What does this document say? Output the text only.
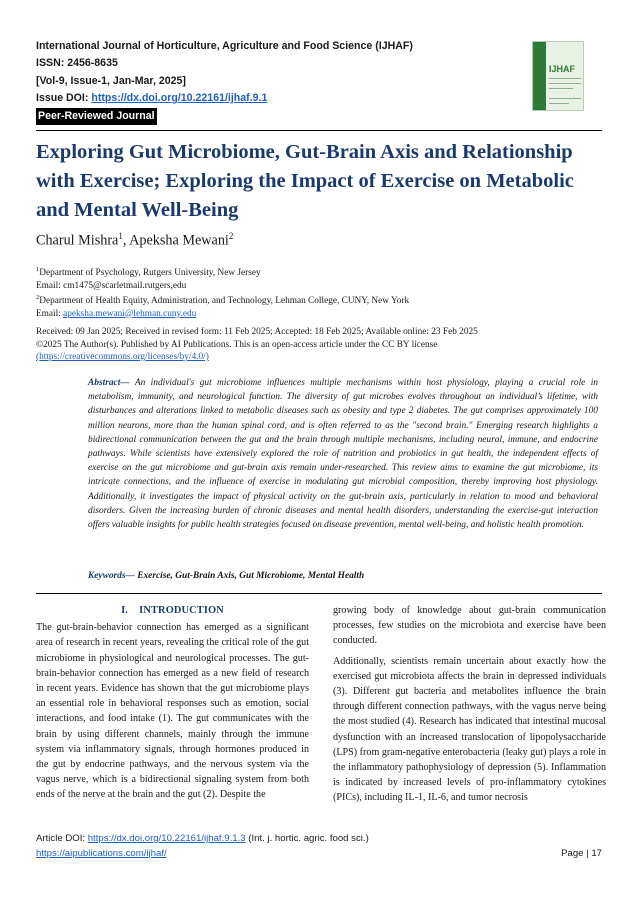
International Journal of Horticulture, Agriculture and Food Science (IJHAF)
ISSN: 2456-8635
[Vol-9, Issue-1, Jan-Mar, 2025]
Issue DOI: https://dx.doi.org/10.22161/ijhaf.9.1
Peer-Reviewed Journal
IJHAF
Exploring Gut Microbiome, Gut-Brain Axis and Relationship with Exercise; Exploring the Impact of Exercise on Metabolic and Mental Well-Being
Charul Mishra$^1$, Apeksha Mewani$^2$
$^1$Department of Psychology, Rutgers University, New Jersey
Email: cm1475@scarletmail.rutgers,edu
$^2$Department of Health Equity, Administration, and Technology, Lehman College, CUNY, New York
Email: apeksha.mewani@lehman.cuny.edu
Received: 09 Jan 2025; Received in revised form: 11 Feb 2025; Accepted: 18 Feb 2025; Available online: 23 Feb 2025
©2025 The Author(s). Published by AI Publications. This is an open-access article under the CC BY license
(https://creativecommons.org/licenses/by/4.0/)
Abstract— An individual's gut microbiome influences multiple mechanisms within host physiology, playing a crucial role in metabolism, immunity, and neurological function. The diversity of gut microbes evolves throughout an individual’s lifetime, with disturbances and alterations linked to metabolic diseases such as obesity and type 2 diabetes. The gut comprises approximately 100 million neurons, more than the human spinal cord, and is often referred to as the "second brain." Emerging research highlights a bidirectional communication between the gut and the brain through multiple mechanisms, including neural, immune, and endocrine pathways. While scientists have extensively explored the role of nutrition and probiotics in gut health, the independent effects of exercise on the gut microbiome and gut-brain axis remain under-researched. This review aims to examine the gut microbiome, its intricate connections, and the influence of exercise in modulating gut microbial composition, thereby improving host physiology. Additionally, it investigates the impact of physical activity on the gut-brain axis, particularly in relation to mood and behavioral disorders. Given the increasing burden of chronic diseases and mental health disorders, understanding the exercise-gut interaction offers valuable insights for public health strategies focused on disease prevention, mental well-being, and holistic health promotion.
Keywords— Exercise, Gut-Brain Axis, Gut Microbiome, Mental Health
I.    INTRODUCTION

The gut-brain-behavior connection has emerged as a significant area of research in recent years, revealing the critical role of the gut microbiome in physiological and neurological processes. The gut-brain-behavior connection has emerged as a new field of research in recent years. Evidence has shown that the gut microbiome plays an essential role in behavioral responses such as emotion, social interactions, and food intake (1). The gut communicates with the brain by using different channels, mainly through the immune system via inflammatory signals, through hormones produced in the gut by endocrine pathways, and the nervous system via the vagus nerve, which is a bidirectional signaling system from both ends of the nerve at the brain and the gut (2). Despite the

growing body of knowledge about gut-brain communication processes, few studies on the microbiota and exercise have been conducted.

Additionally, scientists remain uncertain about exactly how the exercised gut microbiota affects the brain in depressed individuals (3). Different gut bacteria and metabolites influence the brain through different connection pathways, with the vagus nerve being the most studied (4). Research has indicated that intestinal mucosal dysfunction with an increased translocation of lipopolysaccharide (LPS) from gram-negative enterobacteria (leaky gut) plays a role in the inflammatory pathophysiology of depression (5). Inflammation is indicated by increased levels of pro-inflammatory cytokines (PICs), including IL-1, IL-6, and tumor necrosis

Article DOI: https://dx.doi.org/10.22161/ijhaf.9.1.3 (Int. j. hortic. agric. food sci.)
https://aipublications.com/ijhaf/	Page | 17
